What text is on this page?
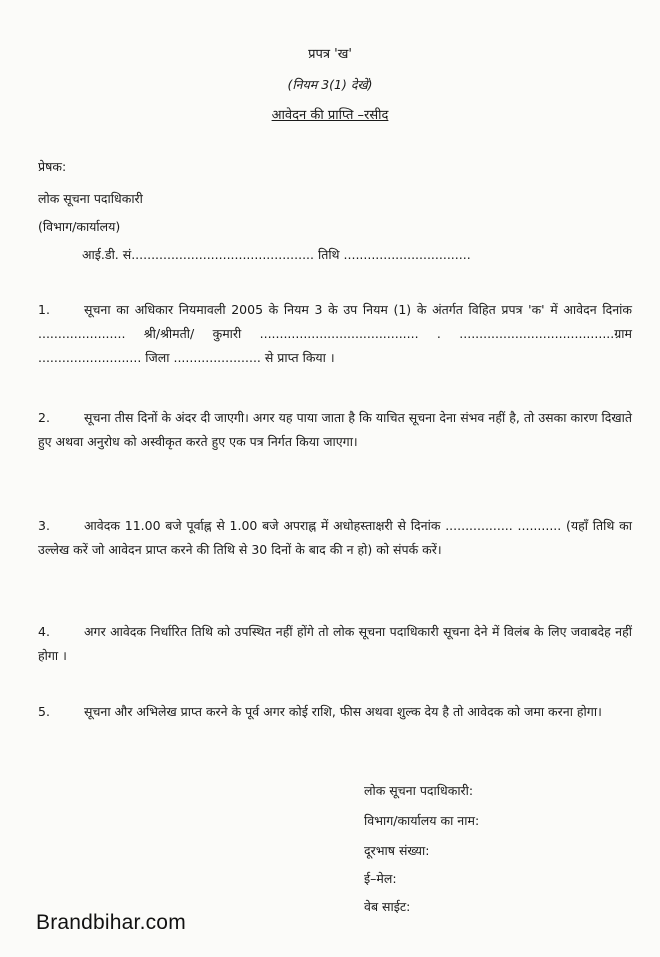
प्रपत्र 'ख'
(नियम 3(1) देखें)
आवेदन की प्राप्ति –रसीद
प्रेषक:
लोक सूचना पदाधिकारी
(विभाग/कार्यालय)
आई.डी. सं.............................................. तिथि ................................
1.	सूचना का अधिकार नियमावली 2005 के नियम 3 के उप नियम (1) के अंतर्गत विहित प्रपत्र 'क' में आवेदन दिनांक ...................... श्री/श्रीमती/ कुमारी ........................................ . .......................................ग्राम .......................... जिला ...................... से प्राप्त किया ।
2.	सूचना तीस दिनों के अंदर दी जाएगी। अगर यह पाया जाता है कि याचित सूचना देना संभव नहीं है, तो उसका कारण दिखाते हुए अथवा अनुरोध को अस्वीकृत करते हुए एक पत्र निर्गत किया जाएगा।
3.	आवेदक 11.00 बजे पूर्वाह्न से 1.00 बजे अपराह्न में अधोहस्ताक्षरी से दिनांक ................. ........... (यहाँ तिथि का उल्लेख करें जो आवेदन प्राप्त करने की तिथि से 30 दिनों के बाद की न हो) को संपर्क करें।
4.	अगर आवेदक निर्धारित तिथि को उपस्थित नहीं होंगे तो लोक सूचना पदाधिकारी सूचना देने में विलंब के लिए जवाबदेह नहीं होगा ।
5.	सूचना और अभिलेख प्राप्त करने के पूर्व अगर कोई राशि, फीस अथवा शुल्क देय है तो आवेदक को जमा करना होगा।
लोक सूचना पदाधिकारी:
विभाग/कार्यालय का नाम:
दूरभाष संख्या:
ई–मेल:
वेब साईट:
Brandbihar.com
